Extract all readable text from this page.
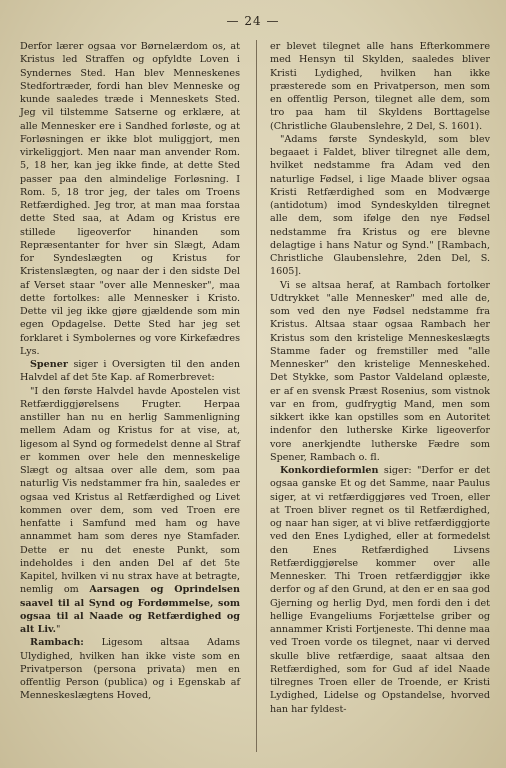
— 24 —

Derfor lærer ogsaa vor Børnelærdom os, at Kristus led Straffen og opfyldte Loven i Syndernes Sted. Han blev Menneskenes Stedfortræder, fordi han blev Menneske og kunde saaledes træde i Menneskets Sted. Jeg vil tilstemme Satserne og erklære, at alle Mennesker ere i Sandhed forløste, og at Forløsningen er ikke blot muliggjort, men virkeliggjort. Men naar man anvender Rom. 5, 18 her, kan jeg ikke finde, at dette Sted passer paa den almindelige Forløsning. I Rom. 5, 18 tror jeg, der tales om Troens Retfærdighed. Jeg tror, at man maa forstaa dette Sted saa, at Adam og Kristus ere stillede ligeoverfor hinanden som Repræsentanter for hver sin Slægt, Adam for Syndeslægten og Kristus for Kristenslægten, og naar der i den sidste Del af Verset staar "over alle Mennesker", maa dette fortolkes: alle Mennesker i Kristo. Dette vil jeg ikke gjøre gjældende som min egen Opdagelse. Dette Sted har jeg set forklaret i Symbolernes og vore Kirkefædres Lys.

Spener siger i Oversigten til den anden Halvdel af det 5te Kap. af Romerbrevet:

"I den første Halvdel havde Apostelen vist Retfærdiggjørelsens Frugter. Herpaa anstiller han nu en herlig Sammenligning mellem Adam og Kristus for at vise, at, ligesom al Synd og formedelst denne al Straf er kommen over hele den menneskelige Slægt og altsaa over alle dem, som paa naturlig Vis nedstammer fra hin, saaledes er ogsaa ved Kristus al Retfærdighed og Livet kommen over dem, som ved Troen ere henfatte i Samfund med ham og have annammet ham som deres nye Stamfader. Dette er nu det eneste Punkt, som indeholdes i den anden Del af det 5te Kapitel, hvilken vi nu strax have at betragte, nemlig om Aarsagen og Oprindelsen saavel til al Synd og Fordømmelse, som ogsaa til al Naade og Retfærdighed og alt Liv."

Rambach: Ligesom altsaa Adams Ulydighed, hvilken han ikke viste som en Privatperson (persona privata) men en offentlig Person (publica) og i Egenskab af Menneskeslægtens Hoved,

er blevet tilegnet alle hans Efterkommere med Hensyn til Skylden, saaledes bliver Kristi Lydighed, hvilken han ikke præsterede som en Privatperson, men som en offentlig Person, tilegnet alle dem, som tro paa ham til Skyldens Borttagelse (Christliche Glaubenslehre, 2 Del, S. 1601).

"Adams første Syndeskyld, som blev begaaet i Faldet, bliver tilregnet alle dem, hvilket nedstamme fra Adam ved den naturlige Fødsel, i lige Maade bliver ogsaa Kristi Retfærdighed som en Modværge (antidotum) imod Syndeskylden tilregnet alle dem, som ifølge den nye Fødsel nedstamme fra Kristus og ere blevne delagtige i hans Natur og Synd." [Rambach, Christliche Glaubenslehre, 2den Del, S. 1605].

Vi se altsaa heraf, at Rambach fortolker Udtrykket "alle Mennesker" med alle de, som ved den nye Fødsel nedstamme fra Kristus. Altsaa staar ogsaa Rambach her Kristus som den kristelige Menneskeslægts Stamme fader og fremstiller med "alle Mennesker" den kristelige Menneskehed. Det Stykke, som Pastor Valdeland oplæste, er af en svensk Præst Rosenius, som vistnok var en from, gudfrygtig Mand, men som sikkert ikke kan opstilles som en Autoritet indenfor den lutherske Kirke ligeoverfor vore anerkjendte lutherske Fædre som Spener, Rambach o. fl.

Konkordieformlen siger: "Derfor er det ogsaa ganske Et og det Samme, naar Paulus siger, at vi retfærdiggjøres ved Troen, eller at Troen bliver regnet os til Retfærdighed, og naar han siger, at vi blive retfærdiggjorte ved den Enes Lydighed, eller at formedelst den Enes Retfærdighed Livsens Retfærdiggjørelse kommer over alle Mennesker. Thi Troen retfærdiggjør ikke derfor og af den Grund, at den er en saa god Gjerning og herlig Dyd, men fordi den i det hellige Evangeliums Forjættelse griber og annammer Kristi Fortjeneste. Thi denne maa ved Troen vorde os tilegnet, naar vi derved skulle blive retfærdige, saaat altsaa den Retfærdighed, som for Gud af idel Naade tilregnes Troen eller de Troende, er Kristi Lydighed, Lidelse og Opstandelse, hvorved han har fyldest-
